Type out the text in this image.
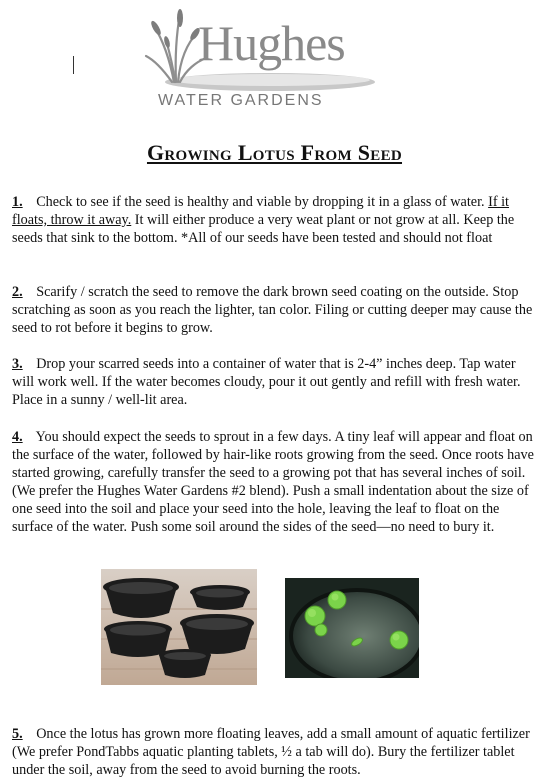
Hughes
WATER GARDENS
Growing Lotus From Seed
1. Check to see if the seed is healthy and viable by dropping it in a glass of water. If it floats, throw it away. It will either produce a very weat plant or not grow at all. Keep the seeds that sink to the bottom. *All of our seeds have been tested and should not float
2. Scarify / scratch the seed to remove the dark brown seed coating on the outside. Stop scratching as soon as you reach the lighter, tan color. Filing or cutting deeper may cause the seed to rot before it begins to grow.
3. Drop your scarred seeds into a container of water that is 2-4” inches deep. Tap water will work well. If the water becomes cloudy, pour it out gently and refill with fresh water. Place in a sunny / well-lit area.
4. You should expect the seeds to sprout in a few days. A tiny leaf will appear and float on the surface of the water, followed by hair-like roots growing from the seed. Once roots have started growing, carefully transfer the seed to a growing pot that has several inches of soil. (We prefer the Hughes Water Gardens #2 blend). Push a small indentation about the size of one seed into the soil and place your seed into the hole, leaving the leaf to float on the surface of the water. Push some soil around the sides of the seed—no need to bury it.
5. Once the lotus has grown more floating leaves, add a small amount of aquatic fertilizer (We prefer PondTabbs aquatic planting tablets, ½ a tab will do). Bury the fertilizer tablet under the soil, away from the seed to avoid burning the roots.
